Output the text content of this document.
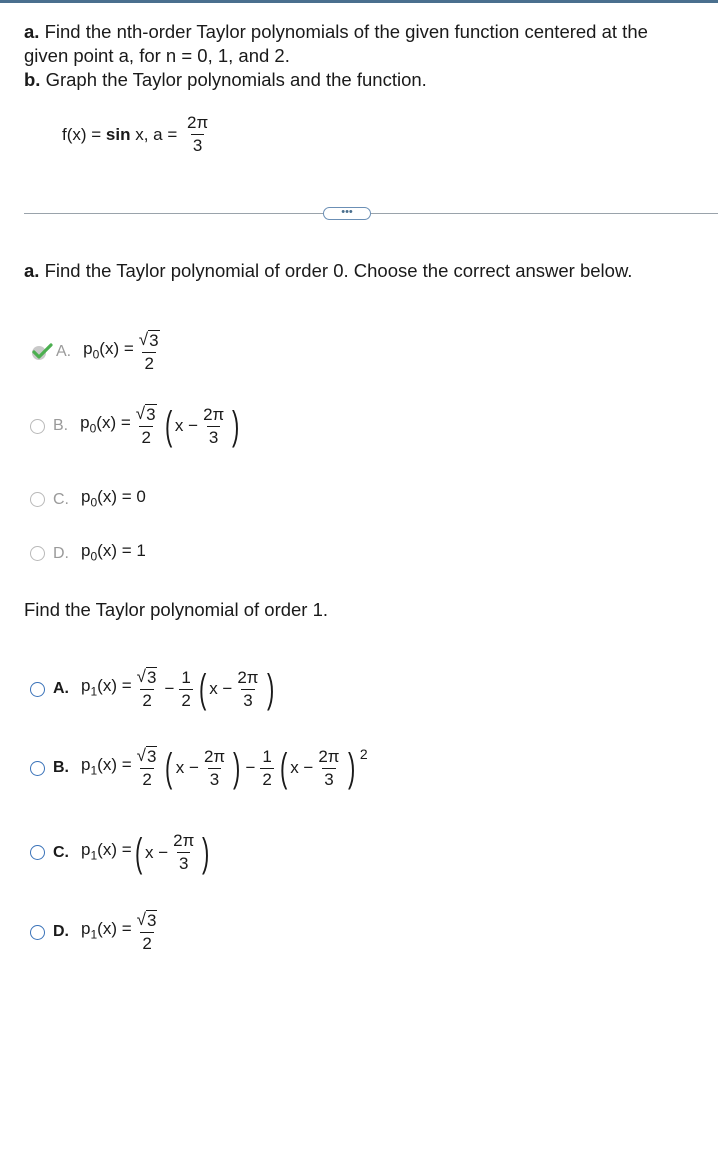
a. Find the nth-order Taylor polynomials of the given function centered at the
given point a, for n = 0, 1, and 2.
b. Graph the Taylor polynomials and the function.
f(x) = sin x, $a = \frac{2\pi}{3}$
•••
a. Find the Taylor polynomial of order 0. Choose the correct answer below.
A. $p_0(x) = \frac{√ 3}{2}$
B. $p_0(x) = \frac{√ 3}{2}$ ( $x - \frac{2\pi}{3}$ )
C. $p_0(x) = 0$
D. $p_0(x) = 1$
Find the Taylor polynomial of order 1.
A. $p_1(x) = \frac{√ 3}{2} - \frac{1}{2}$ ( $x - \frac{2\pi}{3}$ )
B. $p_1(x) = \frac{√ 3}{2}$ ( $x - \frac{2\pi}{3}$ ) − $\frac{1}{2}$ ( $x - \frac{2\pi}{3}$ ) 2
C. $p_1(x)$ = ( $x - \frac{2\pi}{3}$ )
D. $p_1(x) = \frac{√ 3}{2}$
